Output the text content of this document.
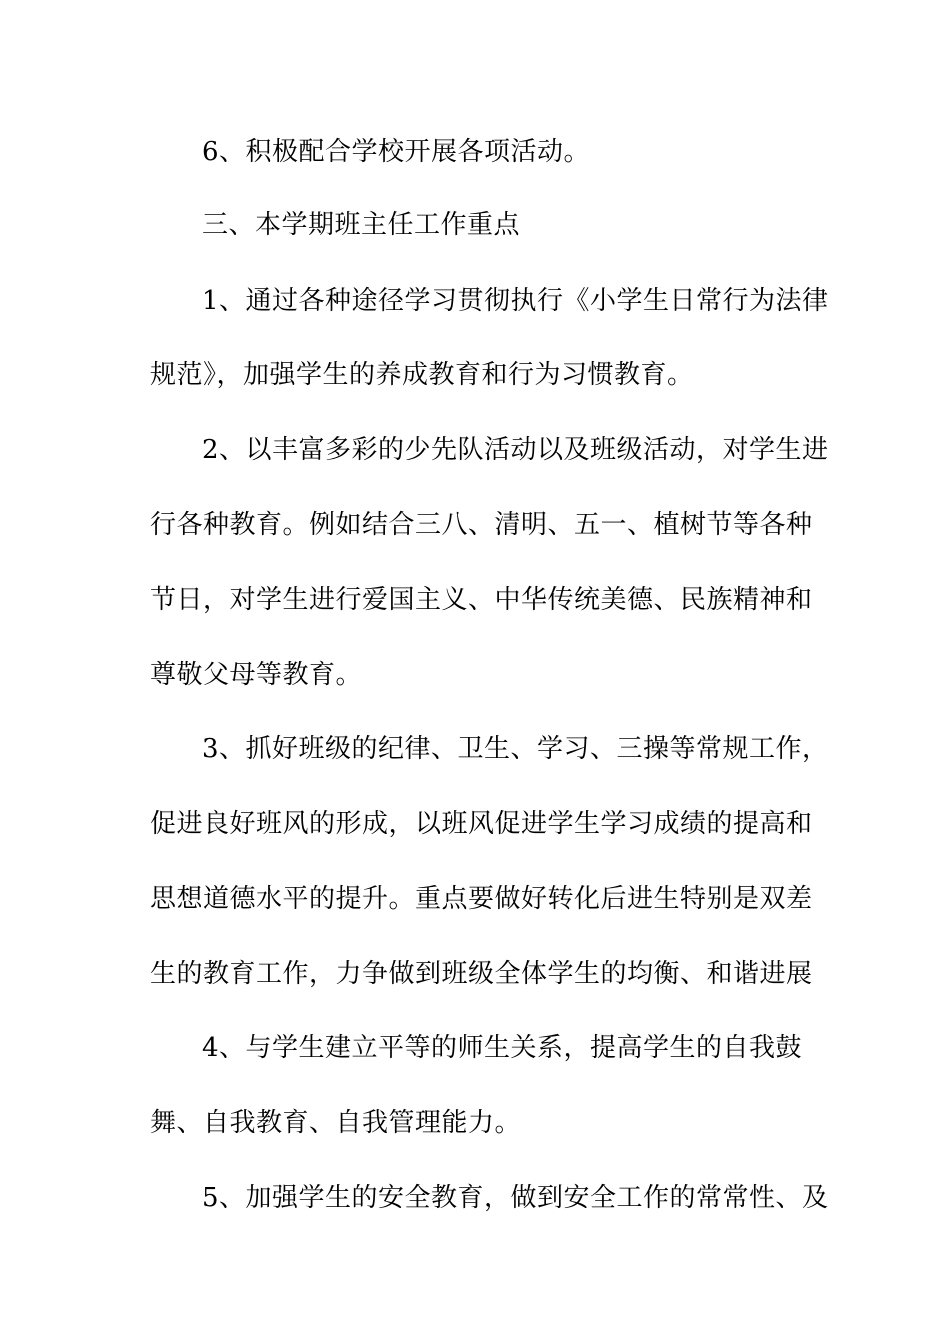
6、积极配合学校开展各项活动。
三、本学期班主任工作重点
1、通过各种途径学习贯彻执行《小学生日常行为法律
规范》，加强学生的养成教育和行为习惯教育。
2、以丰富多彩的少先队活动以及班级活动，对学生进
行各种教育。例如结合三八、清明、五一、植树节等各种
节日，对学生进行爱国主义、中华传统美德、民族精神和
尊敬父母等教育。
3、抓好班级的纪律、卫生、学习、三操等常规工作，
促进良好班风的形成，以班风促进学生学习成绩的提高和
思想道德水平的提升。重点要做好转化后进生特别是双差
生的教育工作，力争做到班级全体学生的均衡、和谐进展
4、与学生建立平等的师生关系，提高学生的自我鼓
舞、自我教育、自我管理能力。
5、加强学生的安全教育，做到安全工作的常常性、及
